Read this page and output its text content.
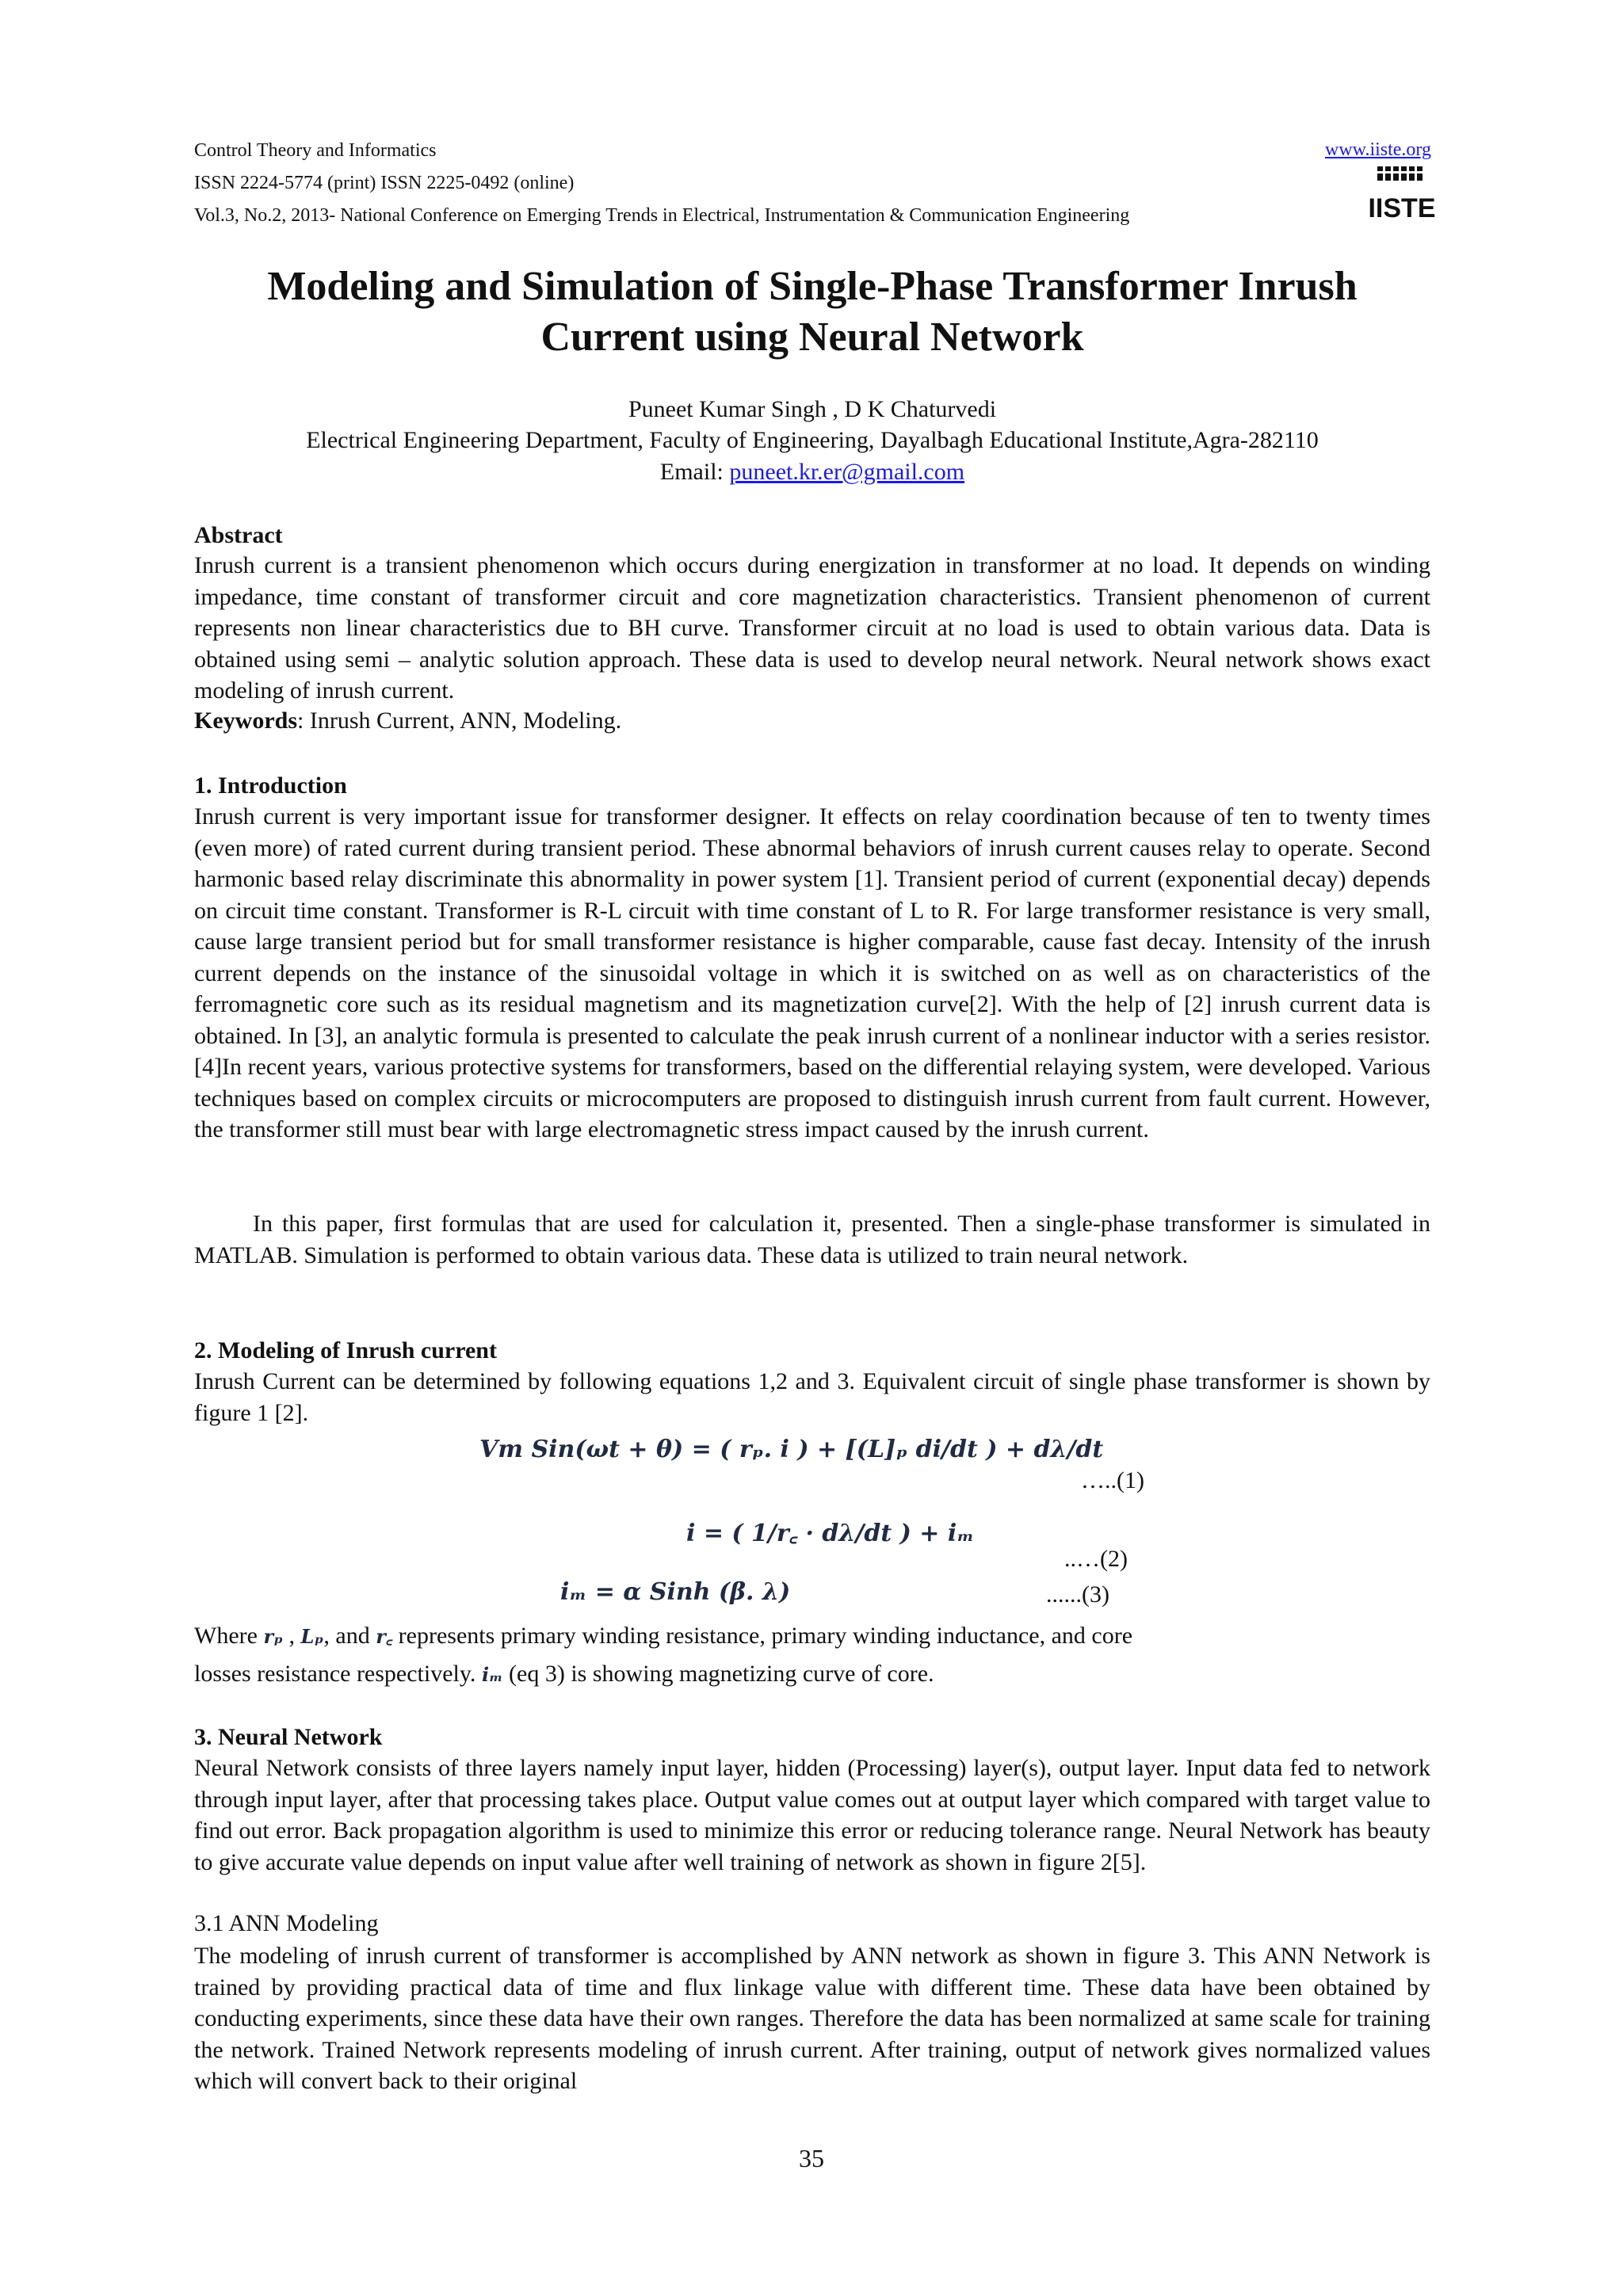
Control Theory and Informatics	www.iiste.org
ISSN 2224-5774 (print) ISSN 2225-0492 (online)
Vol.3, No.2, 2013- National Conference on Emerging Trends in Electrical, Instrumentation & Communication Engineering	IISTE
Modeling and Simulation of Single-Phase Transformer Inrush
Current using Neural Network
Puneet Kumar Singh , D K Chaturvedi
Electrical Engineering Department, Faculty of Engineering, Dayalbagh Educational Institute,Agra-282110
Email: puneet.kr.er@gmail.com
Abstract
Inrush current is a transient phenomenon which occurs during energization in transformer at no load. It depends on winding impedance, time constant of transformer circuit and core magnetization characteristics. Transient phenomenon of current represents non linear characteristics due to BH curve. Transformer circuit at no load is used to obtain various data. Data is obtained using semi – analytic solution approach. These data is used to develop neural network. Neural network shows exact modeling of inrush current.
Keywords: Inrush Current, ANN, Modeling.
1. Introduction
Inrush current is very important issue for transformer designer. It effects on relay coordination because of ten to twenty times (even more) of rated current during transient period. These abnormal behaviors of inrush current causes relay to operate. Second harmonic based relay discriminate this abnormality in power system [1]. Transient period of current (exponential decay) depends on circuit time constant. Transformer is R-L circuit with time constant of L to R. For large transformer resistance is very small, cause large transient period but for small transformer resistance is higher comparable, cause fast decay. Intensity of the inrush current depends on the instance of the sinusoidal voltage in which it is switched on as well as on characteristics of the ferromagnetic core such as its residual magnetism and its magnetization curve[2]. With the help of [2] inrush current data is obtained. In [3], an analytic formula is presented to calculate the peak inrush current of a nonlinear inductor with a series resistor. [4]In recent years, various protective systems for transformers, based on the differential relaying system, were developed. Various techniques based on complex circuits or microcomputers are proposed to distinguish inrush current from fault current. However, the transformer still must bear with large electromagnetic stress impact caused by the inrush current.
In this paper, first formulas that are used for calculation it, presented. Then a single-phase transformer is simulated in MATLAB. Simulation is performed to obtain various data. These data is utilized to train neural network.
2. Modeling of Inrush current
Inrush Current can be determined by following equations 1,2 and 3. Equivalent circuit of single phase transformer is shown by figure 1 [2].
Vm Sin(ωt + θ) = ( rₚ. i ) + [(L]ₚ di/dt ) + dλ/dt
…..(1)
i = ( 1/r꜀ · dλ/dt ) + iₘ
..…(2)
iₘ = α Sinh (β. λ)	......(3)
Where rₚ , Lₚ, and r꜀ represents primary winding resistance, primary winding inductance, and core
losses resistance respectively. iₘ (eq 3) is showing magnetizing curve of core.
3. Neural Network
Neural Network consists of three layers namely input layer, hidden (Processing) layer(s), output layer. Input data fed to network through input layer, after that processing takes place. Output value comes out at output layer which compared with target value to find out error. Back propagation algorithm is used to minimize this error or reducing tolerance range. Neural Network has beauty to give accurate value depends on input value after well training of network as shown in figure 2[5].
3.1 ANN Modeling
The modeling of inrush current of transformer is accomplished by ANN network as shown in figure 3. This ANN Network is trained by providing practical data of time and flux linkage value with different time. These data have been obtained by conducting experiments, since these data have their own ranges. Therefore the data has been normalized at same scale for training the network. Trained Network represents modeling of inrush current. After training, output of network gives normalized values which will convert back to their original
35
